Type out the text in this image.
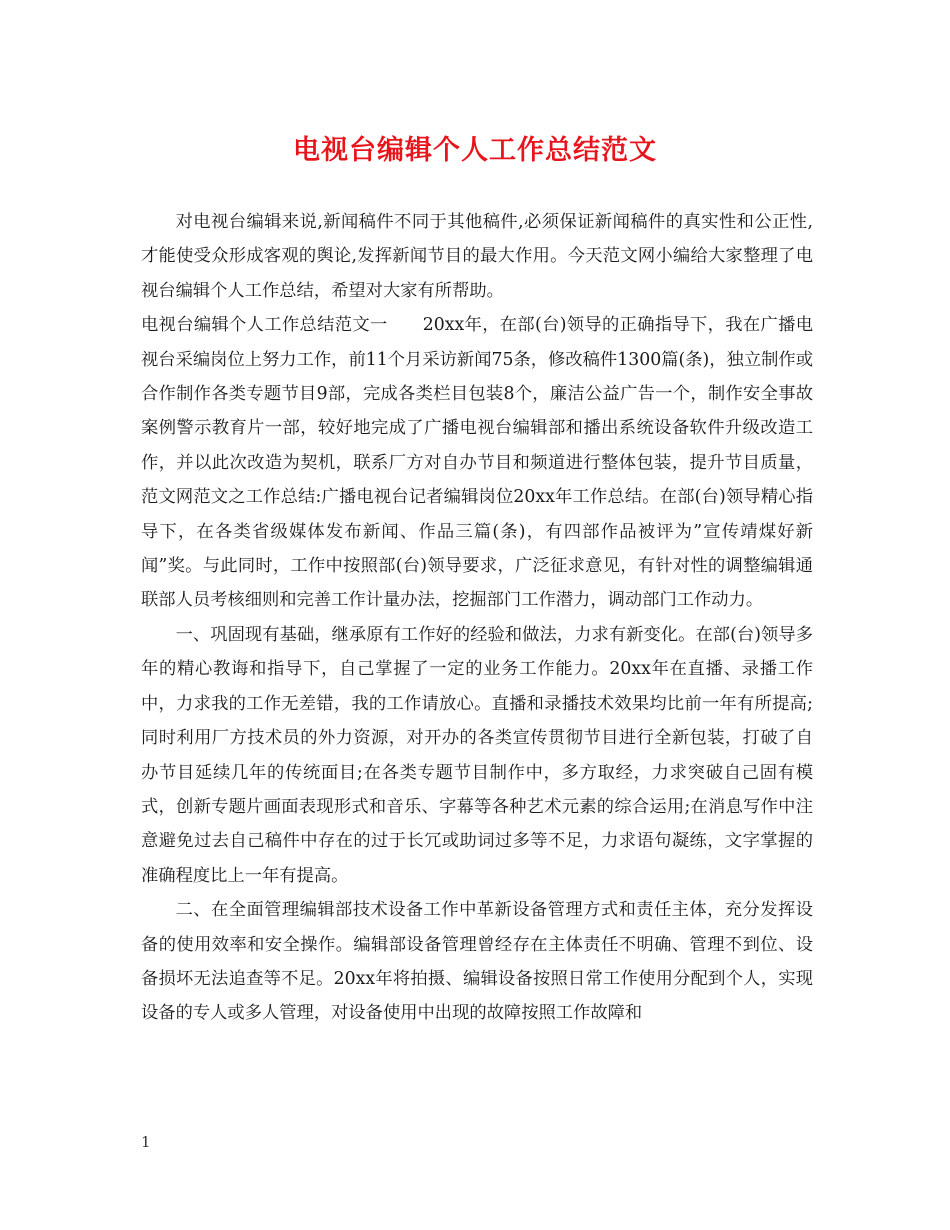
电视台编辑个人工作总结范文

对电视台编辑来说,新闻稿件不同于其他稿件,必须保证新闻稿件的真实性和公正性,才能使受众形成客观的舆论,发挥新闻节目的最大作用。今天范文网小编给大家整理了电视台编辑个人工作总结，希望对大家有所帮助。

电视台编辑个人工作总结范文一　　20xx年，在部(台)领导的正确指导下，我在广播电视台采编岗位上努力工作，前11个月采访新闻75条，修改稿件1300篇(条)，独立制作或合作制作各类专题节目9部，完成各类栏目包装8个，廉洁公益广告一个，制作安全事故案例警示教育片一部，较好地完成了广播电视台编辑部和播出系统设备软件升级改造工作，并以此次改造为契机，联系厂方对自办节目和频道进行整体包装，提升节目质量，范文网范文之工作总结:广播电视台记者编辑岗位20xx年工作总结。在部(台)领导精心指导下，在各类省级媒体发布新闻、作品三篇(条)，有四部作品被评为”宣传靖煤好新闻”奖。与此同时，工作中按照部(台)领导要求，广泛征求意见，有针对性的调整编辑通联部人员考核细则和完善工作计量办法，挖掘部门工作潜力，调动部门工作动力。

一、巩固现有基础，继承原有工作好的经验和做法，力求有新变化。在部(台)领导多年的精心教诲和指导下，自己掌握了一定的业务工作能力。20xx年在直播、录播工作中，力求我的工作无差错，我的工作请放心。直播和录播技术效果均比前一年有所提高;同时利用厂方技术员的外力资源，对开办的各类宣传贯彻节目进行全新包装，打破了自办节目延续几年的传统面目;在各类专题节目制作中，多方取经，力求突破自己固有模式，创新专题片画面表现形式和音乐、字幕等各种艺术元素的综合运用;在消息写作中注意避免过去自己稿件中存在的过于长冗或助词过多等不足，力求语句凝练，文字掌握的准确程度比上一年有提高。

二、在全面管理编辑部技术设备工作中革新设备管理方式和责任主体，充分发挥设备的使用效率和安全操作。编辑部设备管理曾经存在主体责任不明确、管理不到位、设备损坏无法追查等不足。20xx年将拍摄、编辑设备按照日常工作使用分配到个人，实现设备的专人或多人管理，对设备使用中出现的故障按照工作故障和

1
